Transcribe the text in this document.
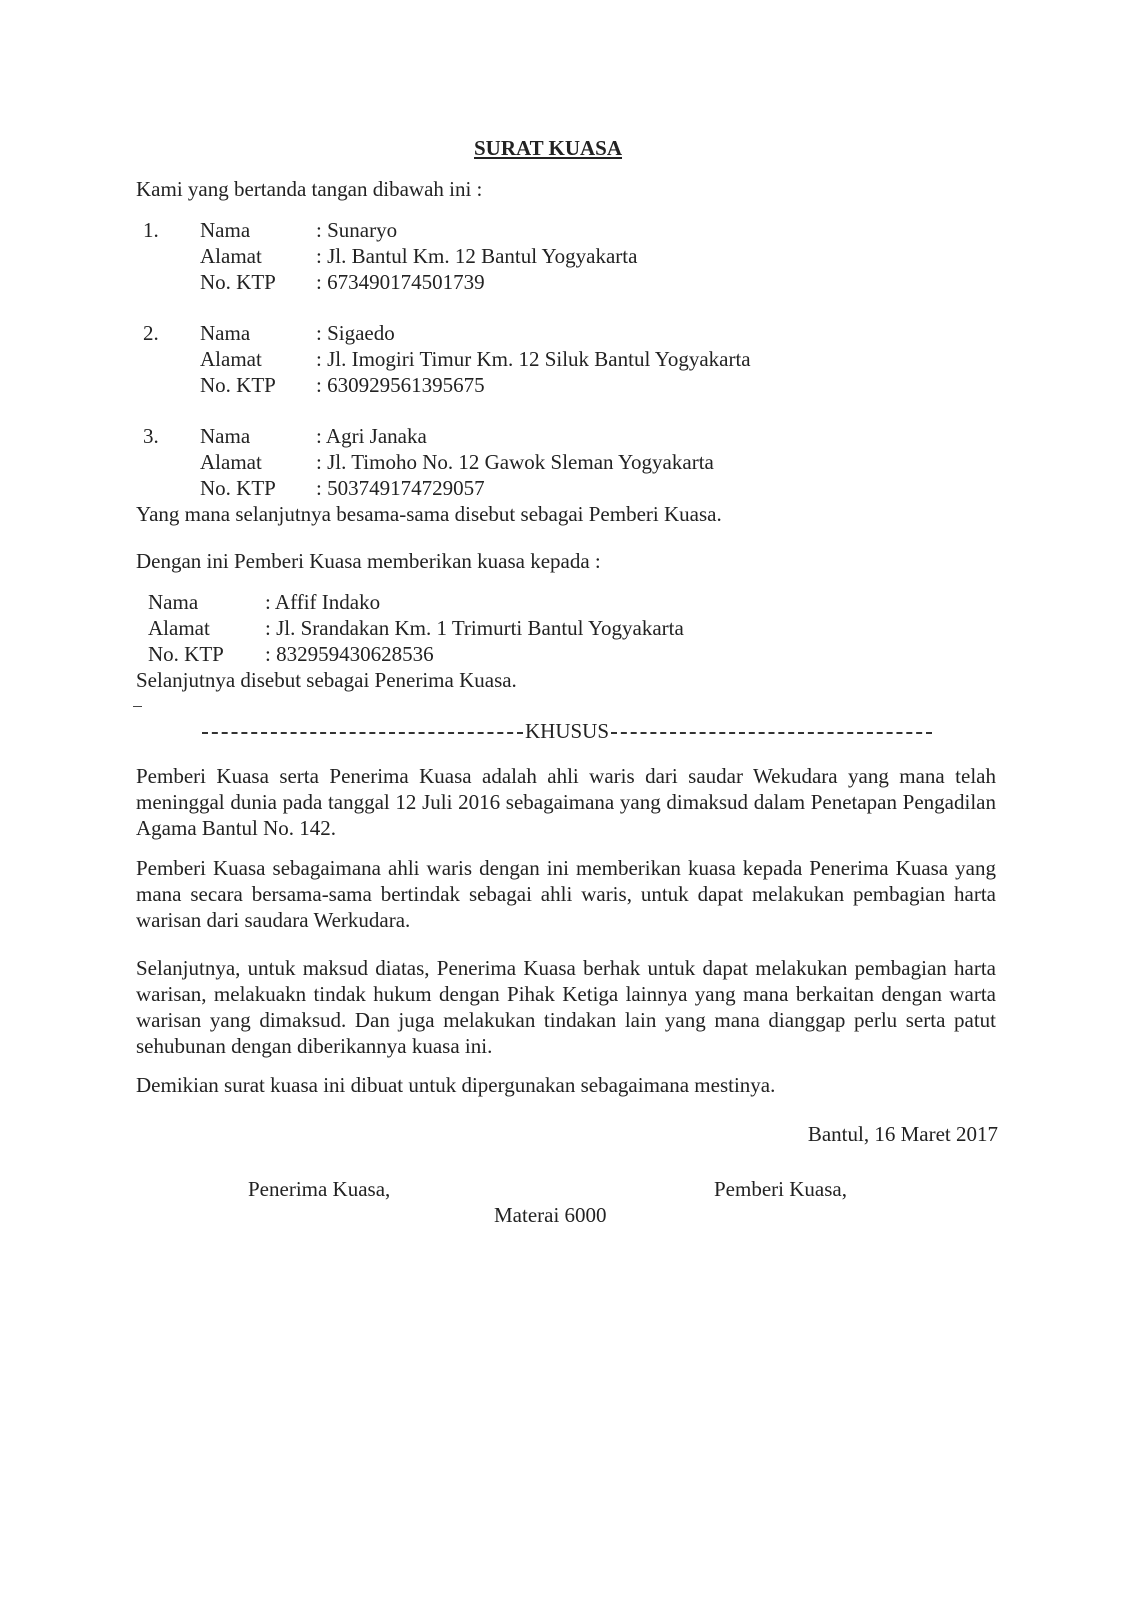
SURAT KUASA
Kami yang bertanda tangan dibawah ini :
1. Nama	: Sunaryo
Alamat	: Jl. Bantul Km. 12 Bantul Yogyakarta
No. KTP : 673490174501739
2. Nama	: Sigaedo
Alamat	: Jl. Imogiri Timur Km. 12 Siluk Bantul Yogyakarta
No. KTP : 630929561395675
3. Nama	: Agri Janaka
Alamat	: Jl. Timoho No. 12 Gawok Sleman Yogyakarta
No. KTP : 503749174729057
Yang mana selanjutnya besama-sama disebut sebagai Pemberi Kuasa.
Dengan ini Pemberi Kuasa memberikan kuasa kepada :
Nama	: Affif Indako
Alamat	: Jl. Srandakan Km. 1 Trimurti Bantul Yogyakarta
No. KTP : 832959430628536
Selanjutnya disebut sebagai Penerima Kuasa.
KHUSUS
Pemberi Kuasa serta Penerima Kuasa adalah ahli waris dari saudar Wekudara yang mana telah meninggal dunia pada tanggal 12 Juli 2016 sebagaimana yang dimaksud dalam Penetapan Pengadilan Agama Bantul No. 142.
Pemberi Kuasa sebagaimana ahli waris dengan ini memberikan kuasa kepada Penerima Kuasa yang mana secara bersama-sama bertindak sebagai ahli waris, untuk dapat melakukan pembagian harta warisan dari saudara Werkudara.
Selanjutnya, untuk maksud diatas, Penerima Kuasa berhak untuk dapat melakukan pembagian harta warisan, melakuakn tindak hukum dengan Pihak Ketiga lainnya yang mana berkaitan dengan warta warisan yang dimaksud. Dan juga melakukan tindakan lain yang mana dianggap perlu serta patut sehubunan dengan diberikannya kuasa ini.
Demikian surat kuasa ini dibuat untuk dipergunakan sebagaimana mestinya.
Bantul, 16 Maret 2017
Penerima Kuasa,	Pemberi Kuasa,
Materai 6000
